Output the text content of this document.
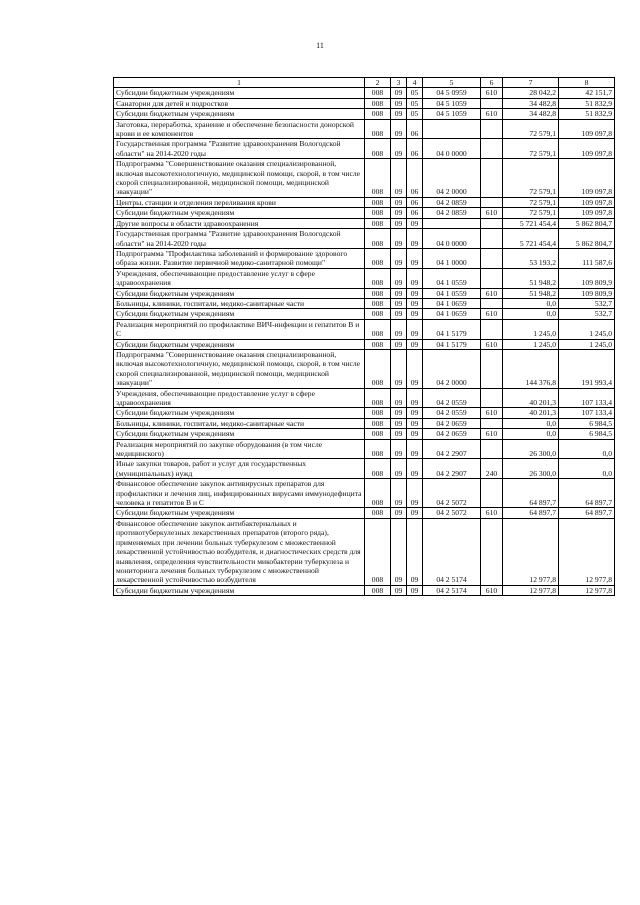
11
1	2	3	4	5	6	7	8
Субсидии бюджетным учреждениям	008	09	05	04 5 0959	610	28 042,2	42 151,7
Санатории для детей и подростков	008	09	05	04 5 1059		34 482,8	51 832,9
Субсидии бюджетным учреждениям	008	09	05	04 5 1059	610	34 482,8	51 832,9
Заготовка, переработка, хранение и обеспечение безопасности донорской крови и ее компонентов	008	09	06			72 579,1	109 097,8
Государственная программа "Развитие здравоохранения Вологодской области" на 2014-2020 годы	008	09	06	04 0 0000		72 579,1	109 097,8
Подпрограмма "Совершенствование оказания специализированной, включая высокотехнологичную, медицинской помощи, скорой, в том числе скорой специализированной, медицинской помощи, медицинской эвакуации"	008	09	06	04 2 0000		72 579,1	109 097,8
Центры, станции и отделения переливания крови	008	09	06	04 2 0859		72 579,1	109 097,8
Субсидии бюджетным учреждениям	008	09	06	04 2 0859	610	72 579,1	109 097,8
Другие вопросы в области здравоохранения	008	09	09			5 721 454,4	5 862 804,7
Государственная программа "Развитие здравоохранения Вологодской области" на 2014-2020 годы	008	09	09	04 0 0000		5 721 454,4	5 862 804,7
Подпрограмма "Профилактика заболеваний и формирование здорового образа жизни. Развитие первичной медико-санитарной помощи"	008	09	09	04 1 0000		53 193,2	111 587,6
Учреждения, обеспечивающие предоставление услуг в сфере здравоохранения	008	09	09	04 1 0559		51 948,2	109 809,9
Субсидии бюджетным учреждениям	008	09	09	04 1 0559	610	51 948,2	109 809,9
Больницы, клиники, госпитали, медико-санитарные части	008	09	09	04 1 0659		0,0	532,7
Субсидии бюджетным учреждениям	008	09	09	04 1 0659	610	0,0	532,7
Реализация мероприятий по профилактике ВИЧ-инфекции и гепатитов В и С	008	09	09	04 1 5179		1 245,0	1 245,0
Субсидии бюджетным учреждениям	008	09	09	04 1 5179	610	1 245,0	1 245,0
Подпрограмма "Совершенствование оказания специализированной, включая высокотехнологичную, медицинской помощи, скорой, в том числе скорой специализированной, медицинской помощи, медицинской эвакуации"	008	09	09	04 2 0000		144 376,8	191 993,4
Учреждения, обеспечивающие предоставление услуг в сфере здравоохранения	008	09	09	04 2 0559		40 201,3	107 133,4
Субсидии бюджетным учреждениям	008	09	09	04 2 0559	610	40 201,3	107 133,4
Больницы, клиники, госпитали, медико-санитарные части	008	09	09	04 2 0659		0,0	6 984,5
Субсидии бюджетным учреждениям	008	09	09	04 2 0659	610	0,0	6 984,5
Реализация мероприятий по закупке оборудования (в том числе медицинского)	008	09	09	04 2 2907		26 300,0	0,0
Иные закупки товаров, работ и услуг для государственных (муниципальных) нужд	008	09	09	04 2 2907	240	26 300,0	0,0
Финансовое обеспечение закупок антивирусных препаратов для профилактики и лечения лиц, инфицированных вирусами иммунодефицита человека и гепатитов В и С	008	09	09	04 2 5072		64 897,7	64 897,7
Субсидии бюджетным учреждениям	008	09	09	04 2 5072	610	64 897,7	64 897,7
Финансовое обеспечение закупок антибактериальных и противотуберкулезных лекарственных препаратов (второго ряда), применяемых при лечении больных туберкулезом с множественной лекарственной устойчивостью возбудителя, и диагностических средств для выявления, определения чувствительности микобактерии туберкулеза и мониторинга лечения больных туберкулезом с множественной лекарственной устойчивостью возбудителя	008	09	09	04 2 5174		12 977,8	12 977,8
Субсидии бюджетным учреждениям	008	09	09	04 2 5174	610	12 977,8	12 977,8
